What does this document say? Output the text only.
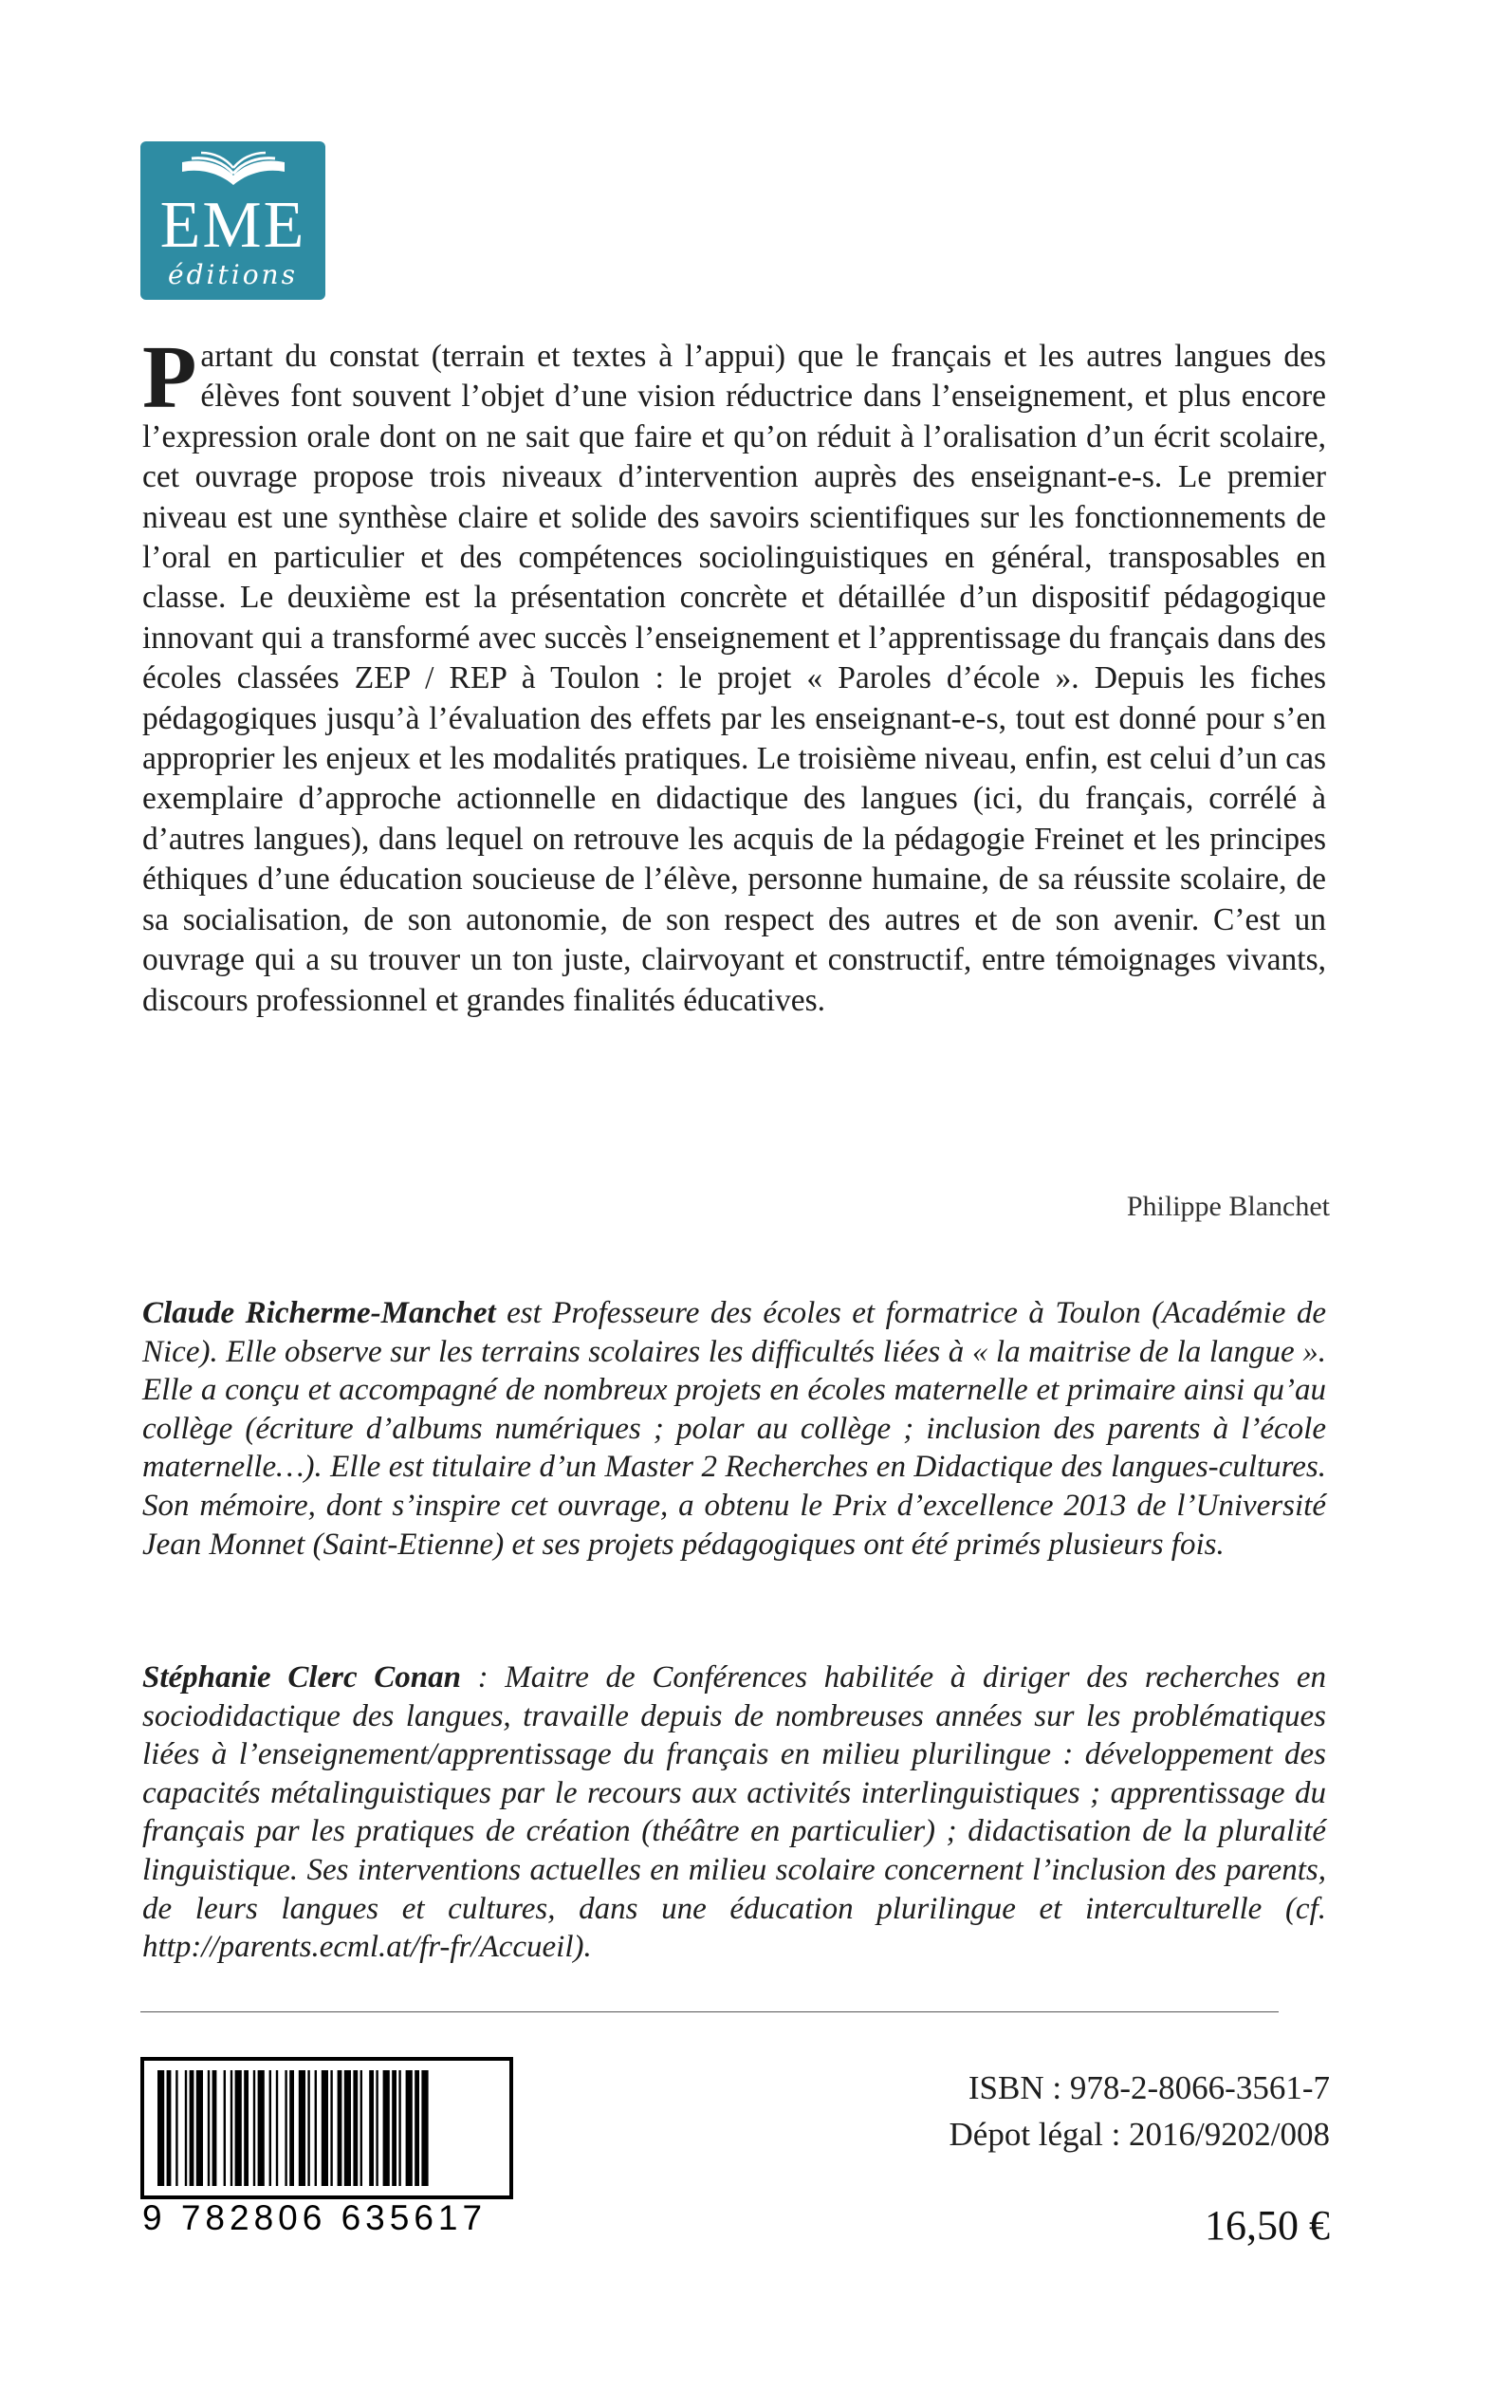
EME
éditions

Partant du constat (terrain et textes à l’appui) que le français et les autres langues des élèves font souvent l’objet d’une vision réductrice dans l’enseignement, et plus encore l’expression orale dont on ne sait que faire et qu’on réduit à l’oralisation d’un écrit scolaire, cet ouvrage propose trois niveaux d’intervention auprès des enseignant-e-s. Le premier niveau est une synthèse claire et solide des savoirs scientifiques sur les fonctionnements de l’oral en particulier et des compétences sociolinguistiques en général, transposables en classe. Le deuxième est la présentation concrète et détaillée d’un dispositif pédagogique innovant qui a transformé avec succès l’enseignement et l’apprentissage du français dans des écoles classées ZEP / REP à Toulon : le projet « Paroles d’école ». Depuis les fiches pédagogiques jusqu’à l’évaluation des effets par les enseignant-e-s, tout est donné pour s’en approprier les enjeux et les modalités pratiques. Le troisième niveau, enfin, est celui d’un cas exemplaire d’approche actionnelle en didactique des langues (ici, du français, corrélé à d’autres langues), dans lequel on retrouve les acquis de la pédagogie Freinet et les principes éthiques d’une éducation soucieuse de l’élève, personne humaine, de sa réussite scolaire, de sa socialisation, de son autonomie, de son respect des autres et de son avenir. C’est un ouvrage qui a su trouver un ton juste, clairvoyant et constructif, entre témoignages vivants, discours professionnel et grandes finalités éducatives.

Philippe Blanchet

Claude Richerme-Manchet est Professeure des écoles et formatrice à Toulon (Académie de Nice). Elle observe sur les terrains scolaires les difficultés liées à « la maitrise de la langue ». Elle a conçu et accompagné de nombreux projets en écoles maternelle et primaire ainsi qu’au collège (écriture d’albums numériques ; polar au collège ; inclusion des parents à l’école maternelle…). Elle est titulaire d’un Master 2 Recherches en Didactique des langues-cultures. Son mémoire, dont s’inspire cet ouvrage, a obtenu le Prix d’excellence 2013 de l’Université Jean Monnet (Saint-Etienne) et ses projets pédagogiques ont été primés plusieurs fois.

Stéphanie Clerc Conan : Maitre de Conférences habilitée à diriger des recherches en sociodidactique des langues, travaille depuis de nombreuses années sur les problématiques liées à l’enseignement/apprentissage du français en milieu plurilingue : développement des capacités métalinguistiques par le recours aux activités interlinguistiques ; apprentissage du français par les pratiques de création (théâtre en particulier) ; didactisation de la pluralité linguistique. Ses interventions actuelles en milieu scolaire concernent l’inclusion des parents, de leurs langues et cultures, dans une éducation plurilingue et interculturelle (cf. http://parents.ecml.at/fr-fr/Accueil).

9 782806 635617

ISBN : 978-2-8066-3561-7

Dépot légal : 2016/9202/008

16,50 €
